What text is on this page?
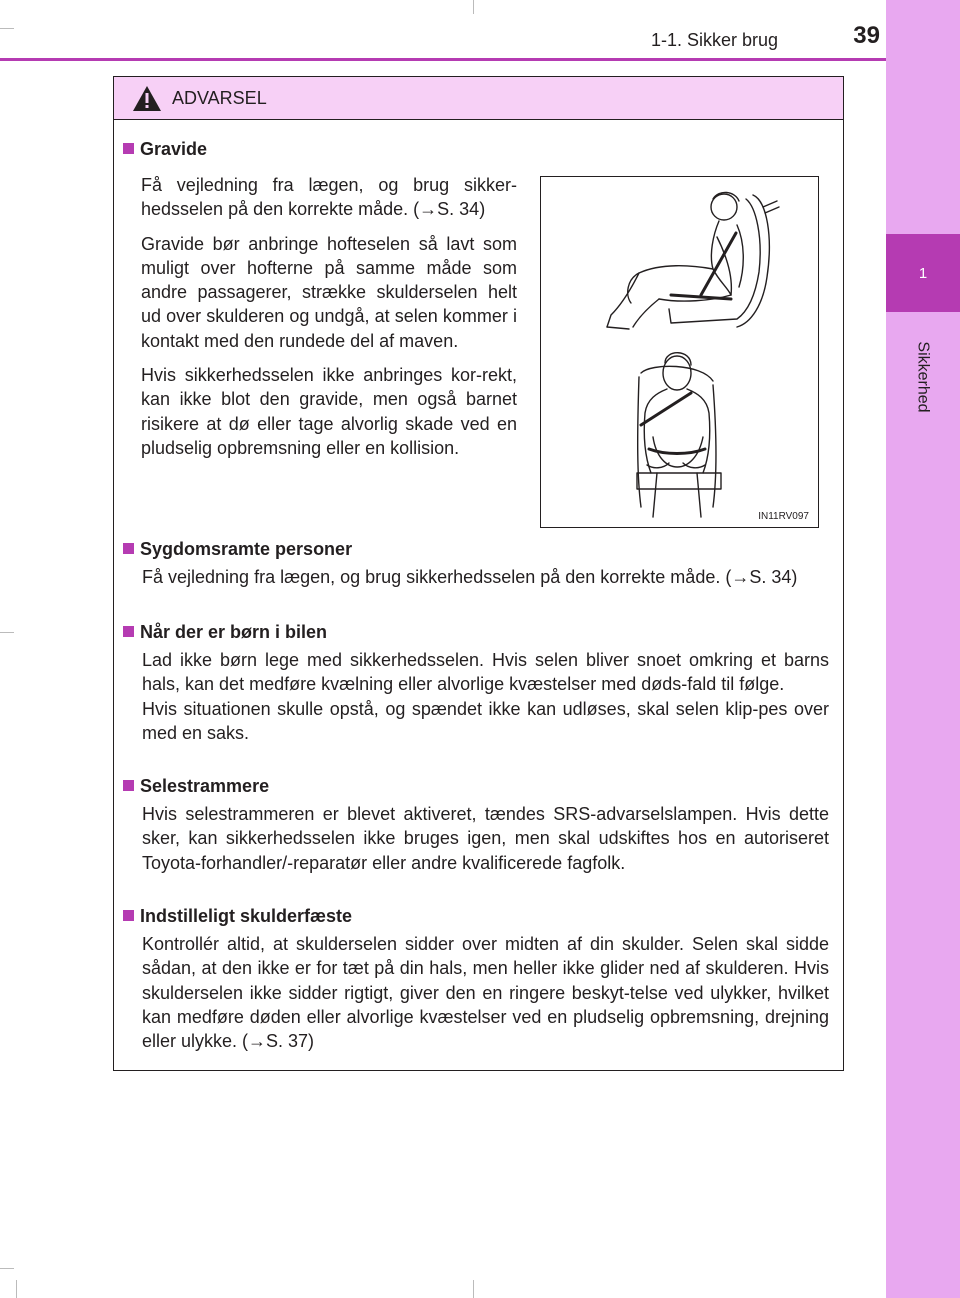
1-1. Sikker brug	39
1
Sikkerhed
ADVARSEL

Gravide

Få vejledning fra lægen, og brug sikker-hedsselen på den korrekte måde. (→S. 34)

Gravide bør anbringe hofteselen så lavt som muligt over hofterne på samme måde som andre passagerer, strække skulderselen helt ud over skulderen og undgå, at selen kommer i kontakt med den rundede del af maven.

Hvis sikkerhedsselen ikke anbringes kor-rekt, kan ikke blot den gravide, men også barnet risikere at dø eller tage alvorlig skade ved en pludselig opbremsning eller en kollision.

Sygdomsramte personer

Få vejledning fra lægen, og brug sikkerhedsselen på den korrekte måde. (→S. 34)

Når der er børn i bilen

Lad ikke børn lege med sikkerhedsselen. Hvis selen bliver snoet omkring et barns hals, kan det medføre kvælning eller alvorlige kvæstelser med døds-fald til følge.

Hvis situationen skulle opstå, og spændet ikke kan udløses, skal selen klip-pes over med en saks.

Selestrammere

Hvis selestrammeren er blevet aktiveret, tændes SRS-advarselslampen. Hvis dette sker, kan sikkerhedsselen ikke bruges igen, men skal udskiftes hos en autoriseret Toyota-forhandler/-reparatør eller andre kvalificerede fagfolk.

Indstilleligt skulderfæste

Kontrollér altid, at skulderselen sidder over midten af din skulder. Selen skal sidde sådan, at den ikke er for tæt på din hals, men heller ikke glider ned af skulderen. Hvis skulderselen ikke sidder rigtigt, giver den en ringere beskyt-telse ved ulykker, hvilket kan medføre døden eller alvorlige kvæstelser ved en pludselig opbremsning, drejning eller ulykke. (→S. 37)

IN11RV097
